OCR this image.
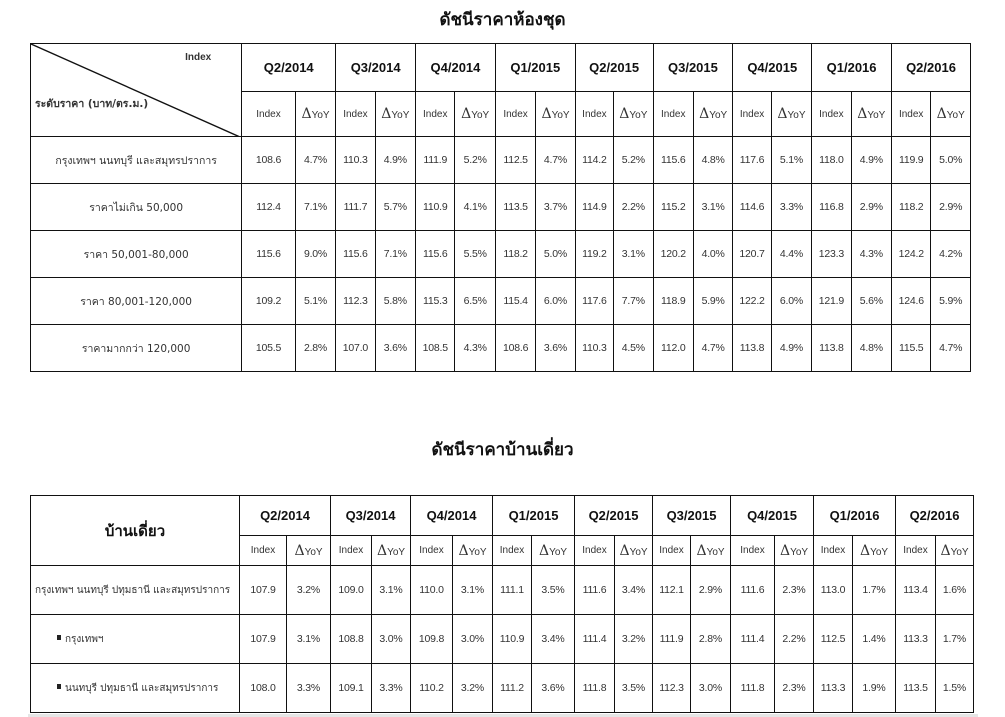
ดัชนีราคาห้องชุด
Index
ระดับราคา (บาท/ตร.ม.)	Q2/2014		Q3/2014		Q4/2014		Q1/2015		Q2/2015		Q3/2015		Q4/2015		Q1/2016		Q2/2016	
	Index	ΔYoY	Index	ΔYoY	Index	ΔYoY	Index	ΔYoY	Index	ΔYoY	Index	ΔYoY	Index	ΔYoY	Index	ΔYoY	Index	ΔYoY
กรุงเทพฯ นนทบุรี และสมุทรปราการ	108.6	4.7%	110.3	4.9%	111.9	5.2%	112.5	4.7%	114.2	5.2%	115.6	4.8%	117.6	5.1%	118.0	4.9%	119.9	5.0%
ราคาไม่เกิน 50,000	112.4	7.1%	111.7	5.7%	110.9	4.1%	113.5	3.7%	114.9	2.2%	115.2	3.1%	114.6	3.3%	116.8	2.9%	118.2	2.9%
ราคา 50,001-80,000	115.6	9.0%	115.6	7.1%	115.6	5.5%	118.2	5.0%	119.2	3.1%	120.2	4.0%	120.7	4.4%	123.3	4.3%	124.2	4.2%
ราคา 80,001-120,000	109.2	5.1%	112.3	5.8%	115.3	6.5%	115.4	6.0%	117.6	7.7%	118.9	5.9%	122.2	6.0%	121.9	5.6%	124.6	5.9%
ราคามากกว่า 120,000	105.5	2.8%	107.0	3.6%	108.5	4.3%	108.6	3.6%	110.3	4.5%	112.0	4.7%	113.8	4.9%	113.8	4.8%	115.5	4.7%
ดัชนีราคาบ้านเดี่ยว
บ้านเดี่ยว	Q2/2014		Q3/2014		Q4/2014		Q1/2015		Q2/2015		Q3/2015		Q4/2015		Q1/2016		Q2/2016	
	Index	ΔYoY	Index	ΔYoY	Index	ΔYoY	Index	ΔYoY	Index	ΔYoY	Index	ΔYoY	Index	ΔYoY	Index	ΔYoY	Index	ΔYoY
กรุงเทพฯ นนทบุรี ปทุมธานี และสมุทรปราการ	107.9	3.2%	109.0	3.1%	110.0	3.1%	111.1	3.5%	111.6	3.4%	112.1	2.9%	111.6	2.3%	113.0	1.7%	113.4	1.6%
กรุงเทพฯ	107.9	3.1%	108.8	3.0%	109.8	3.0%	110.9	3.4%	111.4	3.2%	111.9	2.8%	111.4	2.2%	112.5	1.4%	113.3	1.7%
นนทบุรี ปทุมธานี และสมุทรปราการ	108.0	3.3%	109.1	3.3%	110.2	3.2%	111.2	3.6%	111.8	3.5%	112.3	3.0%	111.8	2.3%	113.3	1.9%	113.5	1.5%
